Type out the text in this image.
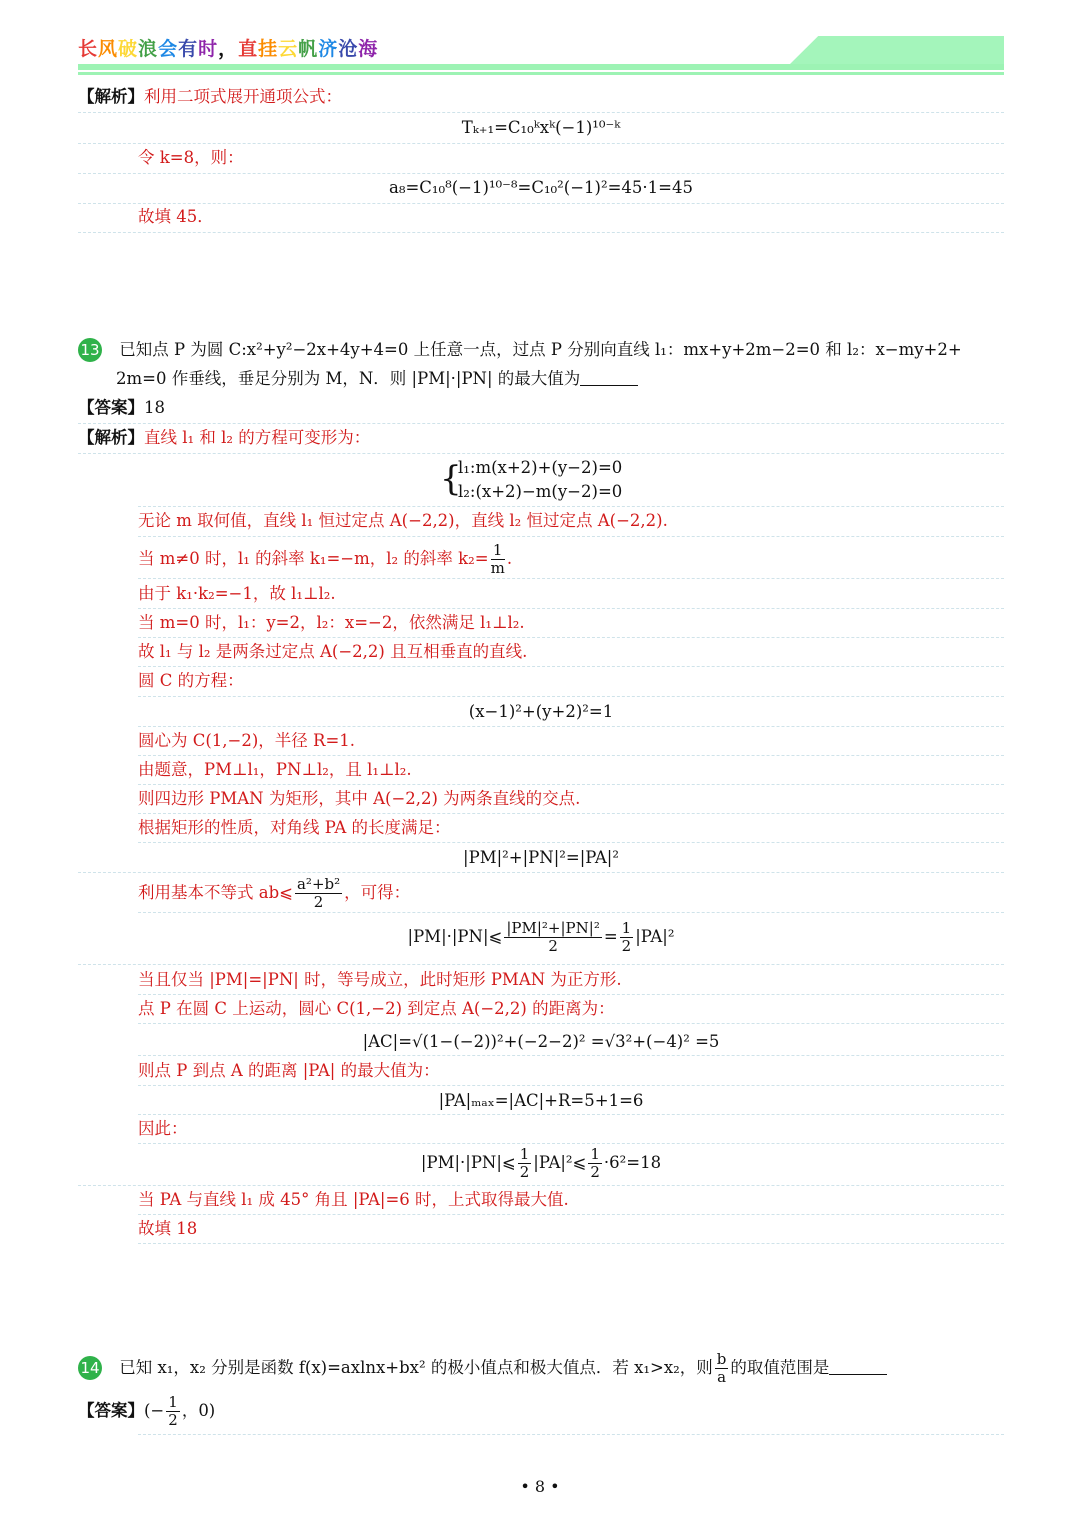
长风破浪会有时，直挂云帆济沧海
【解析】利用二项式展开通项公式：
Tₖ₊₁=C₁₀ᵏxᵏ(−1)¹⁰⁻ᵏ
令 k=8，则：
a₈=C₁₀⁸(−1)¹⁰⁻⁸=C₁₀²(−1)²=45·1=45
故填 45．
13 已知点 P 为圆 C:x²+y²−2x+4y+4=0 上任意一点，过点 P 分别向直线 l₁：mx+y+2m−2=0 和 l₂：x−my+2+
2m=0 作垂线，垂足分别为 M，N．则 |PM|·|PN| 的最大值为
【答案】18
【解析】直线 l₁ 和 l₂ 的方程可变形为：
{
l₁:m(x+2)+(y−2)=0
l₂:(x+2)−m(y−2)=0
无论 m 取何值，直线 l₁ 恒过定点 A(−2,2)，直线 l₂ 恒过定点 A(−2,2).
当 m≠0 时，l₁ 的斜率 k₁=−m，l₂ 的斜率 $k_2= \frac{1}{m}$ .
由于 k₁·k₂=−1，故 l₁⊥l₂.
当 m=0 时，l₁：y=2，l₂：x=−2，依然满足 l₁⊥l₂.
故 l₁ 与 l₂ 是两条过定点 A(−2,2) 且互相垂直的直线.
圆 C 的方程：
(x−1)²+(y+2)²=1
圆心为 C(1,−2)，半径 R=1.
由题意，PM⊥l₁，PN⊥l₂，且 l₁⊥l₂.
则四边形 PMAN 为矩形，其中 A(−2,2) 为两条直线的交点.
根据矩形的性质，对角线 PA 的长度满足：
|PM|²+|PN|²=|PA|²
利用基本不等式 ab⩽ $\frac{\text{a²+b²}}{2}$ ，可得：
|PM|·|PN|⩽ $\frac{\text{|PM|²+|PN|²}}{2} = \frac{1}{2} |PA|^2$
当且仅当 |PM|=|PN| 时，等号成立，此时矩形 PMAN 为正方形.
点 P 在圆 C 上运动，圆心 C(1,−2) 到定点 A(−2,2) 的距离为：
|AC|=√(1−(−2))²+(−2−2)² =√3²+(−4)² =5
则点 P 到点 A 的距离 |PA| 的最大值为：
|PA|ₘₐₓ=|AC|+R=5+1=6
因此：
|PM|·|PN|⩽ $\frac{1}{2}$ |PA|²⩽ $\frac{1}{2} \cdot 6^2=18$
当 PA 与直线 l₁ 成 45° 角且 |PA|=6 时，上式取得最大值.
故填 18
14 已知 x₁，x₂ 分别是函数 f(x)=axlnx+bx² 的极小值点和极大值点．若 x₁>x₂，则 $\frac{b}{a}$ 的取值范围是
【答案】(− $\frac{1}{2}$ ，0)
• 8 •
